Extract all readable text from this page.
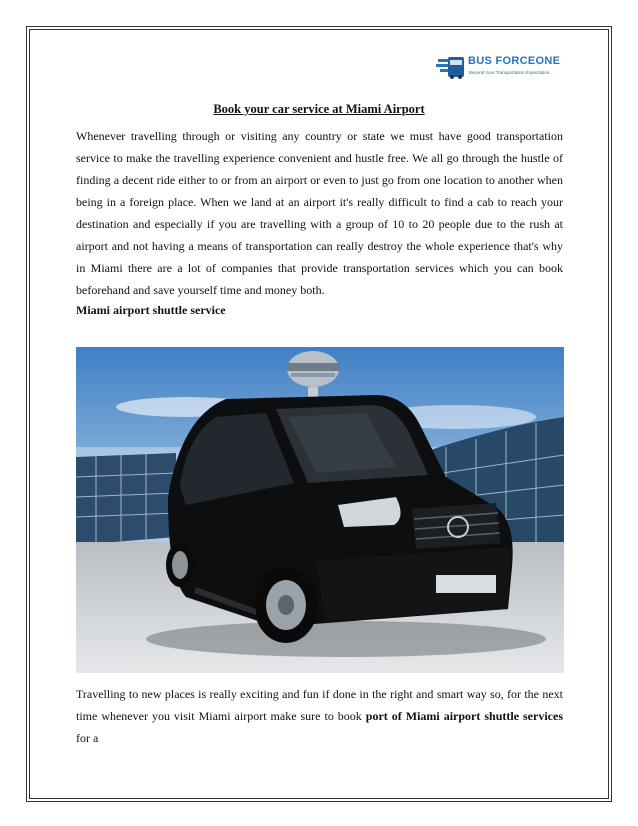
BUS FORCEONE
Beyond Your Transportation Expectation...
Book your car service at Miami Airport

Whenever travelling through or visiting any country or state we must have good transportation service to make the travelling experience convenient and hustle free. We all go through the hustle of finding a decent ride either to or from an airport or even to just go from one location to another when being in a foreign place. When we land at an airport it's really difficult to find a cab to reach your destination and especially if you are travelling with a group of 10 to 20 people due to the rush at airport and not having a means of transportation can really destroy the whole experience that's why in Miami there are a lot of companies that provide transportation services which you can book beforehand and save yourself time and money both.

Miami airport shuttle service

Travelling to new places is really exciting and fun if done in the right and smart way so, for the next time whenever you visit Miami airport make sure to book port of Miami airport shuttle services for a
